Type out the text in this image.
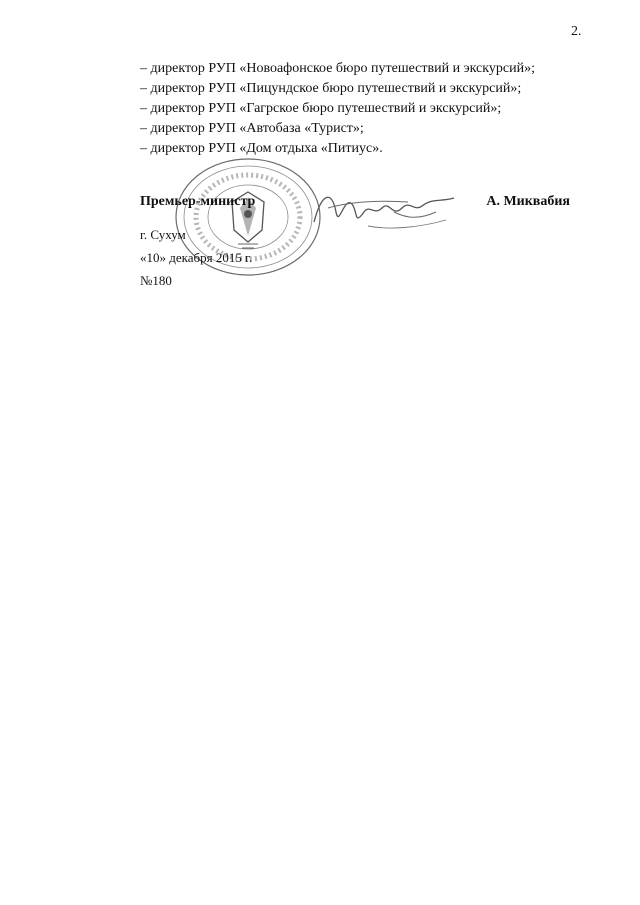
2.
– директор РУП «Новоафонское бюро путешествий и экскурсий»;
– директор РУП «Пицундское бюро путешествий и экскурсий»;
– директор РУП «Гагрское бюро путешествий и экскурсий»;
– директор РУП «Автобаза «Турист»;
– директор РУП «Дом отдыха «Питиус».
Премьер-министр	А. Миквабия
г. Сухум
«10» декабря 2015 г.
№180
